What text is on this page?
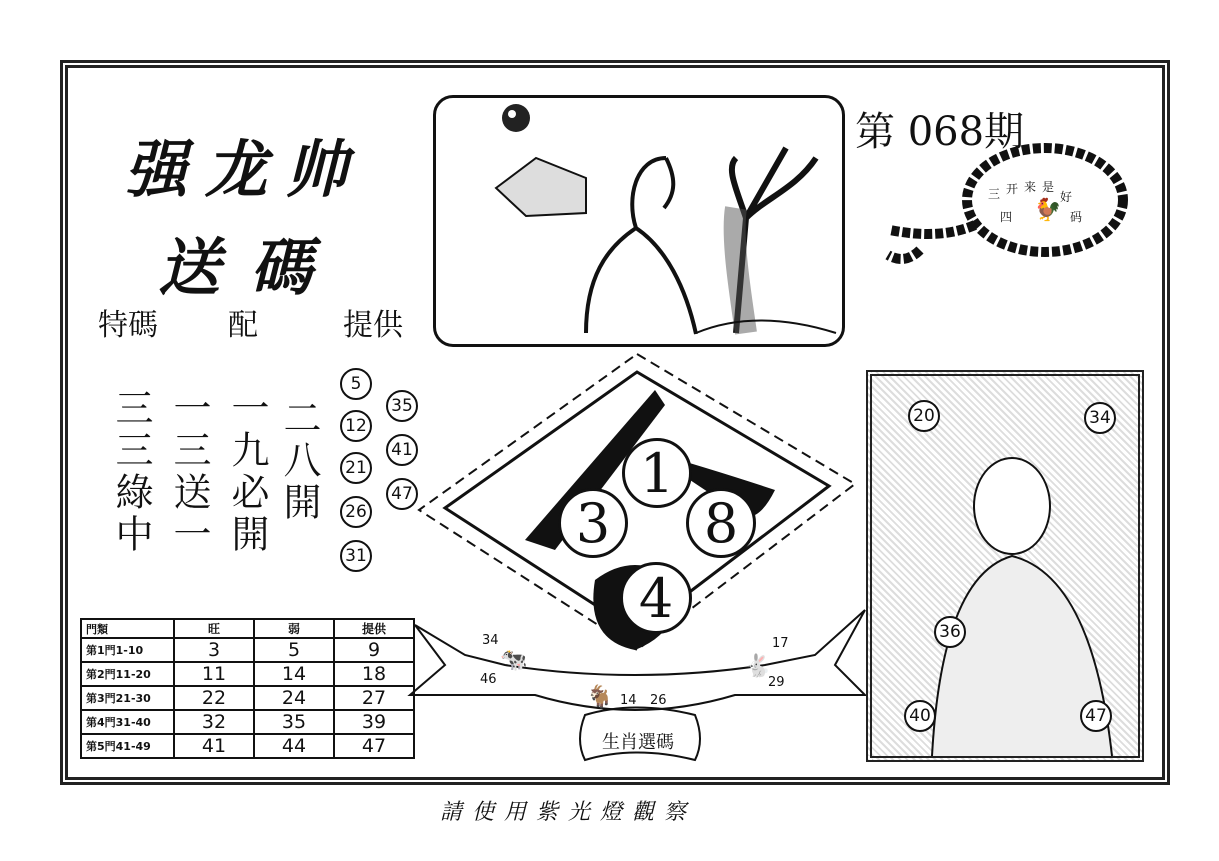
强龙帅
送碼
特碼 配	提供
三三綠中 一三送一 一九必開 二八開
5
12
21
26
31
35
41
47
第 068期
三 开 来 是
好
四	码
🐓
1
3	8
4
34
46
🐄
14 26
🐐
17
29
🐇
生肖選碼
20	34
36
40	47
門類	旺	弱	提供
第1門1-10	3	5	9
第2門11-20	11	14	18
第3門21-30	22	24	27
第4門31-40	32	35	39
第5門41-49	41	44	47
請使用紫光燈觀察
